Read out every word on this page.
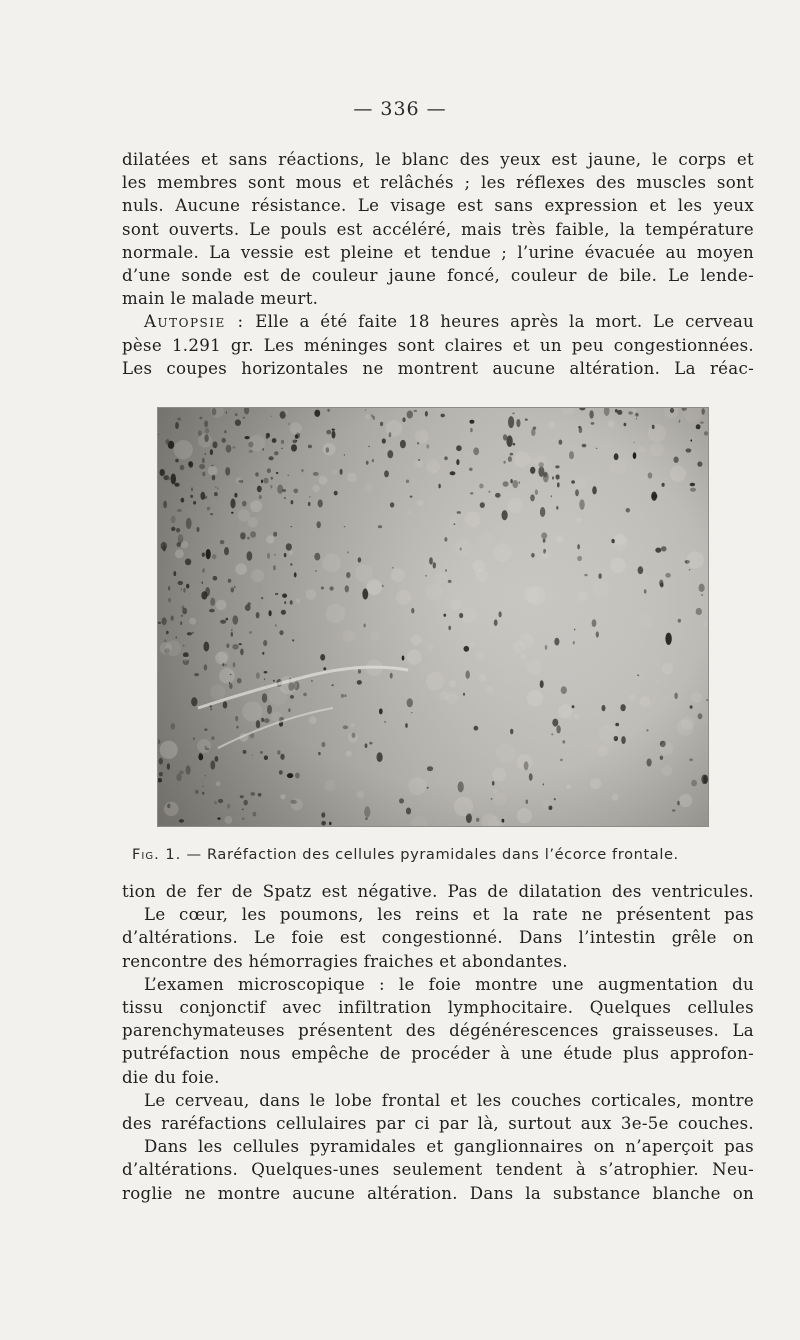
— 336 —
dilatées et sans réactions, le blanc des yeux est jaune, le corps et
les membres sont mous et relâchés ; les réflexes des muscles sont
nuls. Aucune résistance. Le visage est sans expression et les yeux
sont ouverts. Le pouls est accéléré, mais très faible, la température
normale. La vessie est pleine et tendue ; l’urine évacuée au moyen
d’une sonde est de couleur jaune foncé, couleur de bile. Le lende-
main le malade meurt.
Autopsie : Elle a été faite 18 heures après la mort. Le cerveau
pèse 1.291 gr. Les méninges sont claires et un peu congestionnées.
Les coupes horizontales ne montrent aucune altération. La réac-
Fig. 1. — Raréfaction des cellules pyramidales dans l’écorce frontale.
tion de fer de Spatz est négative. Pas de dilatation des ventricules.
Le cœur, les poumons, les reins et la rate ne présentent pas
d’altérations. Le foie est congestionné. Dans l’intestin grêle on
rencontre des hémorragies fraiches et abondantes.
L’examen microscopique : le foie montre une augmentation du
tissu conjonctif avec infiltration lymphocitaire. Quelques cellules
parenchymateuses présentent des dégénérescences graisseuses. La
putréfaction nous empêche de procéder à une étude plus approfon-
die du foie.
Le cerveau, dans le lobe frontal et les couches corticales, montre
des raréfactions cellulaires par ci par là, surtout aux 3e-5e couches.
Dans les cellules pyramidales et ganglionnaires on n’aperçoit pas
d’altérations. Quelques-unes seulement tendent à s’atrophier. Neu-
roglie ne montre aucune altération. Dans la substance blanche on
